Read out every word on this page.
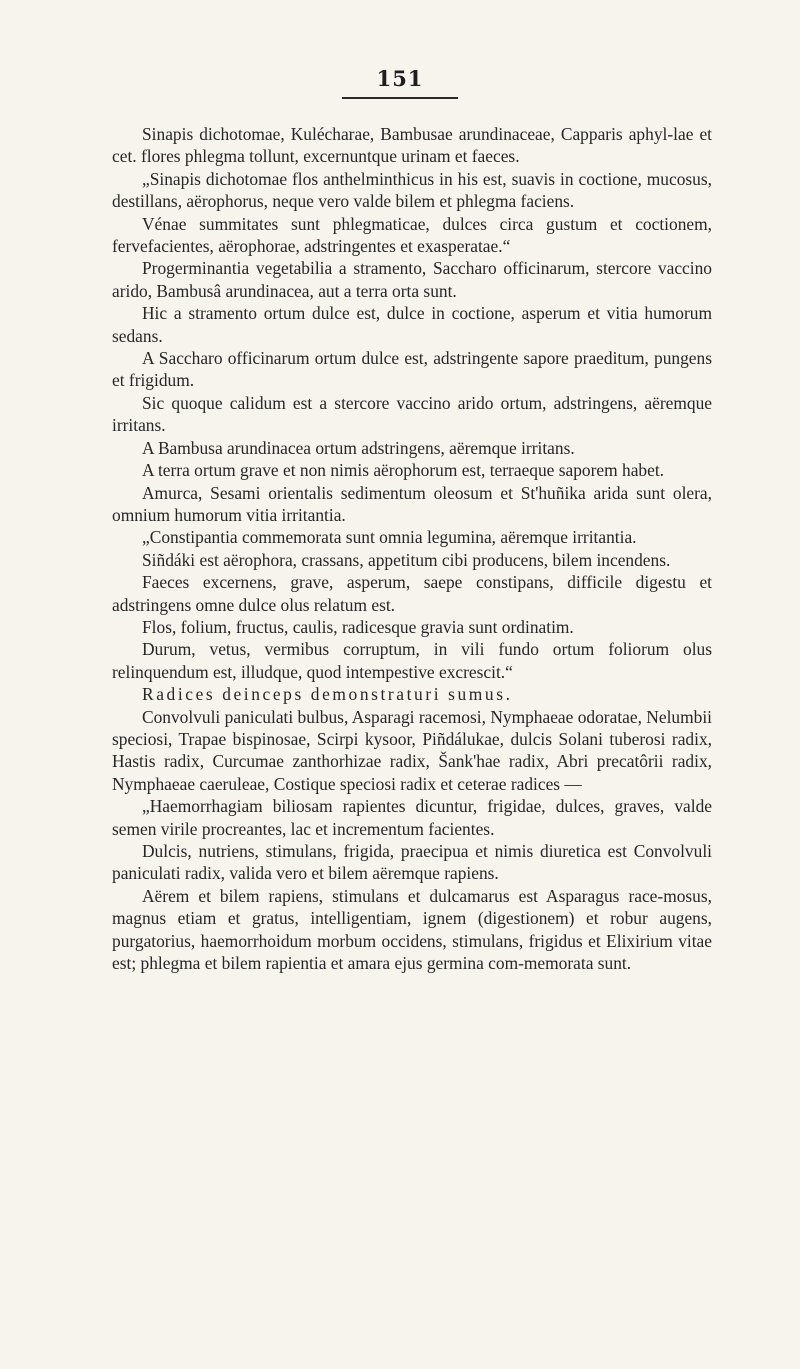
151

Sinapis dichotomae, Kulécharae, Bambusae arundinaceae, Capparis aphyl-lae et cet. flores phlegma tollunt, excernuntque urinam et faeces.

„Sinapis dichotomae flos anthelminthicus in his est, suavis in coctione, mucosus, destillans, aërophorus, neque vero valde bilem et phlegma faciens.

Vénae summitates sunt phlegmaticae, dulces circa gustum et coctionem, fervefacientes, aërophorae, adstringentes et exasperatae.“

Progerminantia vegetabilia a stramento, Saccharo officinarum, stercore vaccino arido, Bambusâ arundinacea, aut a terra orta sunt.

Hic a stramento ortum dulce est, dulce in coctione, asperum et vitia humorum sedans.

A Saccharo officinarum ortum dulce est, adstringente sapore praeditum, pungens et frigidum.

Sic quoque calidum est a stercore vaccino arido ortum, adstringens, aëremque irritans.

A Bambusa arundinacea ortum adstringens, aëremque irritans.

A terra ortum grave et non nimis aërophorum est, terraeque saporem habet.

Amurca, Sesami orientalis sedimentum oleosum et St'huñika arida sunt olera, omnium humorum vitia irritantia.

„Constipantia commemorata sunt omnia legumina, aëremque irritantia.

Siñdáki est aërophora, crassans, appetitum cibi producens, bilem incendens.

Faeces excernens, grave, asperum, saepe constipans, difficile digestu et adstringens omne dulce olus relatum est.

Flos, folium, fructus, caulis, radicesque gravia sunt ordinatim.

Durum, vetus, vermibus corruptum, in vili fundo ortum foliorum olus relinquendum est, illudque, quod intempestive excrescit.“

Radices deinceps demonstraturi sumus.

Convolvuli paniculati bulbus, Asparagi racemosi, Nymphaeae odoratae, Nelumbii speciosi, Trapae bispinosae, Scirpi kysoor, Piñdálukae, dulcis Solani tuberosi radix, Hastis radix, Curcumae zanthorhizae radix, Šank'hae radix, Abri precatôrii radix, Nymphaeae caeruleae, Costique speciosi radix et ceterae radices —

„Haemorrhagiam biliosam rapientes dicuntur, frigidae, dulces, graves, valde semen virile procreantes, lac et incrementum facientes.

Dulcis, nutriens, stimulans, frigida, praecipua et nimis diuretica est Convolvuli paniculati radix, valida vero et bilem aëremque rapiens.

Aërem et bilem rapiens, stimulans et dulcamarus est Asparagus race-mosus, magnus etiam et gratus, intelligentiam, ignem (digestionem) et robur augens, purgatorius, haemorrhoidum morbum occidens, stimulans, frigidus et Elixirium vitae est; phlegma et bilem rapientia et amara ejus germina com-memorata sunt.
